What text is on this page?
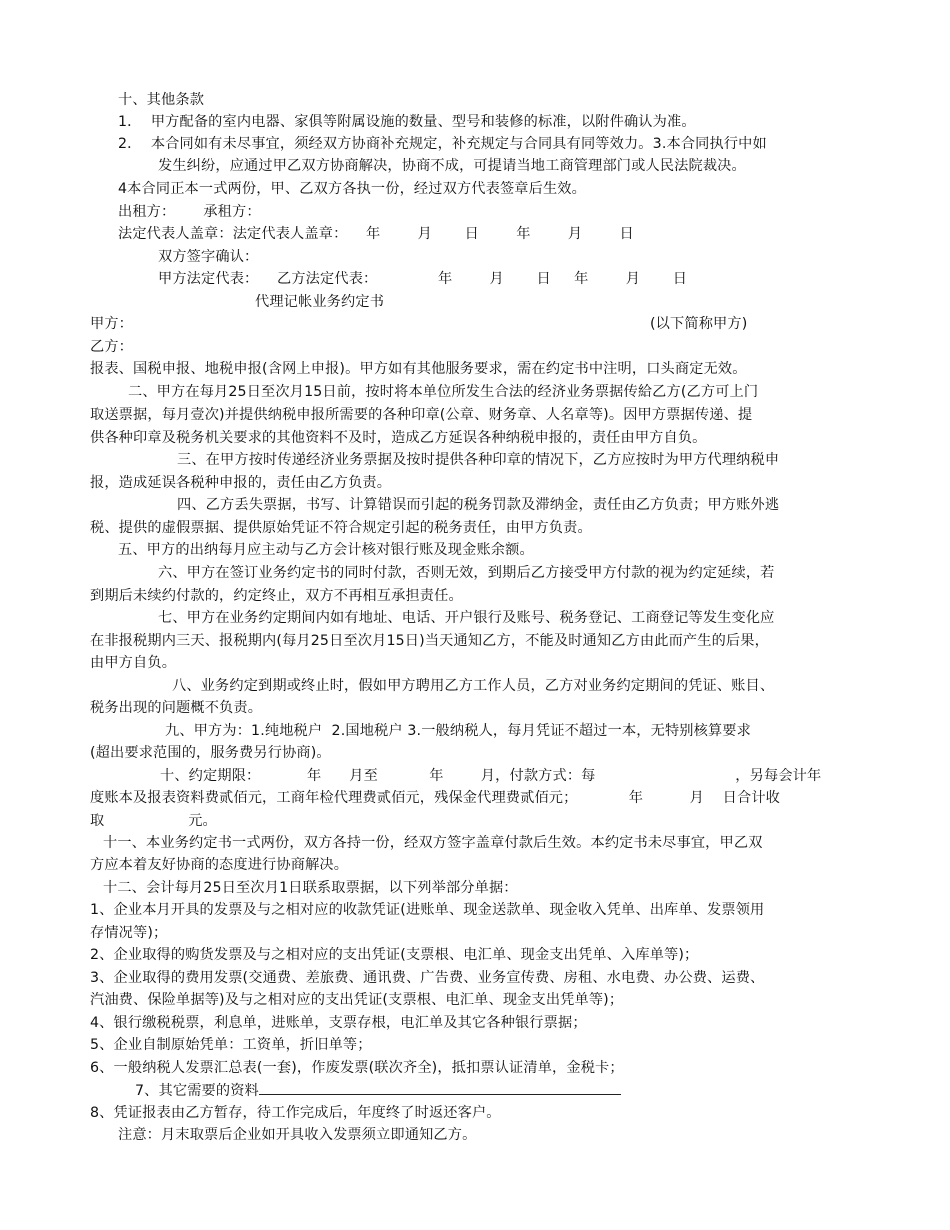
十、其他条款
1．  甲方配备的室内电器、家俱等附属设施的数量、型号和装修的标准，以附件确认为准。
2．  本合同如有未尽事宜，须经双方协商补充规定，补充规定与合同具有同等效力。3.本合同执行中如
发生纠纷，应通过甲乙双方协商解决，协商不成，可提请当地工商管理部门或人民法院裁决。
4本合同正本一式两份，甲、乙双方各执一份，经过双方代表签章后生效。
出租方：      承租方：
法定代表人盖章：法定代表人盖章：    年        月       日        年        月        日
双方签字确认：
甲方法定代表：    乙方法定代表：             年        月       日     年        月       日
代理记帐业务约定书
甲方：	(以下简称甲方)
乙方：
报表、国税申报、地税申报(含网上申报)。甲方如有其他服务要求，需在约定书中注明，口头商定无效。
二、甲方在每月25日至次月15日前，按时将本单位所发生合法的经济业务票据传給乙方(乙方可上门
取送票据，每月壹次)并提供纳税申报所需要的各种印章(公章、财务章、人名章等)。因甲方票据传递、提
供各种印章及税务机关要求的其他资料不及时，造成乙方延误各种纳税申报的，责任由甲方自负。
三、在甲方按时传递经济业务票据及按时提供各种印章的情况下，乙方应按时为甲方代理纳税申
报，造成延误各税种申报的，责任由乙方负责。
四、乙方丢失票据，书写、计算错误而引起的税务罚款及滞纳金，责任由乙方负责；甲方账外逃
税、提供的虚假票据、提供原始凭证不符合规定引起的税务责任，由甲方负责。
五、甲方的出纳每月应主动与乙方会计核对银行账及现金账余额。
六、甲方在签订业务约定书的同时付款，否则无效，到期后乙方接受甲方付款的视为约定延续，若
到期后未续约付款的，约定终止，双方不再相互承担责任。
七、甲方在业务约定期间内如有地址、电话、开户银行及账号、税务登记、工商登记等发生变化应
在非报税期内三天、报税期内(每月25日至次月15日)当天通知乙方，不能及时通知乙方由此而产生的后果，
由甲方自负。
八、业务约定到期或终止时，假如甲方聘用乙方工作人员，乙方对业务约定期间的凭证、账目、
税务出现的问题概不负责。
九、甲方为：1.纯地税户  2.国地税户 3.一般纳税人，每月凭证不超过一本，无特别核算要求
(超出要求范围的，服务费另行协商)。
十、约定期限：          年      月至           年        月，付款方式：每                              ，另每会计年
度账本及报表资料费贰佰元，工商年检代理费贰佰元，残保金代理费贰佰元；           年          月    日合计收
取                  元。
十一、本业务约定书一式两份，双方各持一份，经双方签字盖章付款后生效。本约定书未尽事宜，甲乙双
方应本着友好协商的态度进行协商解决。
十二、会计每月25日至次月1日联系取票据，以下列举部分单据：
1、企业本月开具的发票及与之相对应的收款凭证(进账单、现金送款单、现金收入凭单、出库单、发票领用
存情况等)；
2、企业取得的购货发票及与之相对应的支出凭证(支票根、电汇单、现金支出凭单、入库单等)；
3、企业取得的费用发票(交通费、差旅费、通讯费、广告费、业务宣传费、房租、水电费、办公费、运费、
汽油费、保险单据等)及与之相对应的支出凭证(支票根、电汇单、现金支出凭单等)；
4、银行缴税税票，利息单，进账单，支票存根，电汇单及其它各种银行票据；
5、企业自制原始凭单：工资单，折旧单等；
6、一般纳税人发票汇总表(一套)，作废发票(联次齐全)，抵扣票认证清单，金税卡；
7、其它需要的资料
8、凭证报表由乙方暂存，待工作完成后，年度终了时返还客户。
注意：月末取票后企业如开具收入发票须立即通知乙方。
